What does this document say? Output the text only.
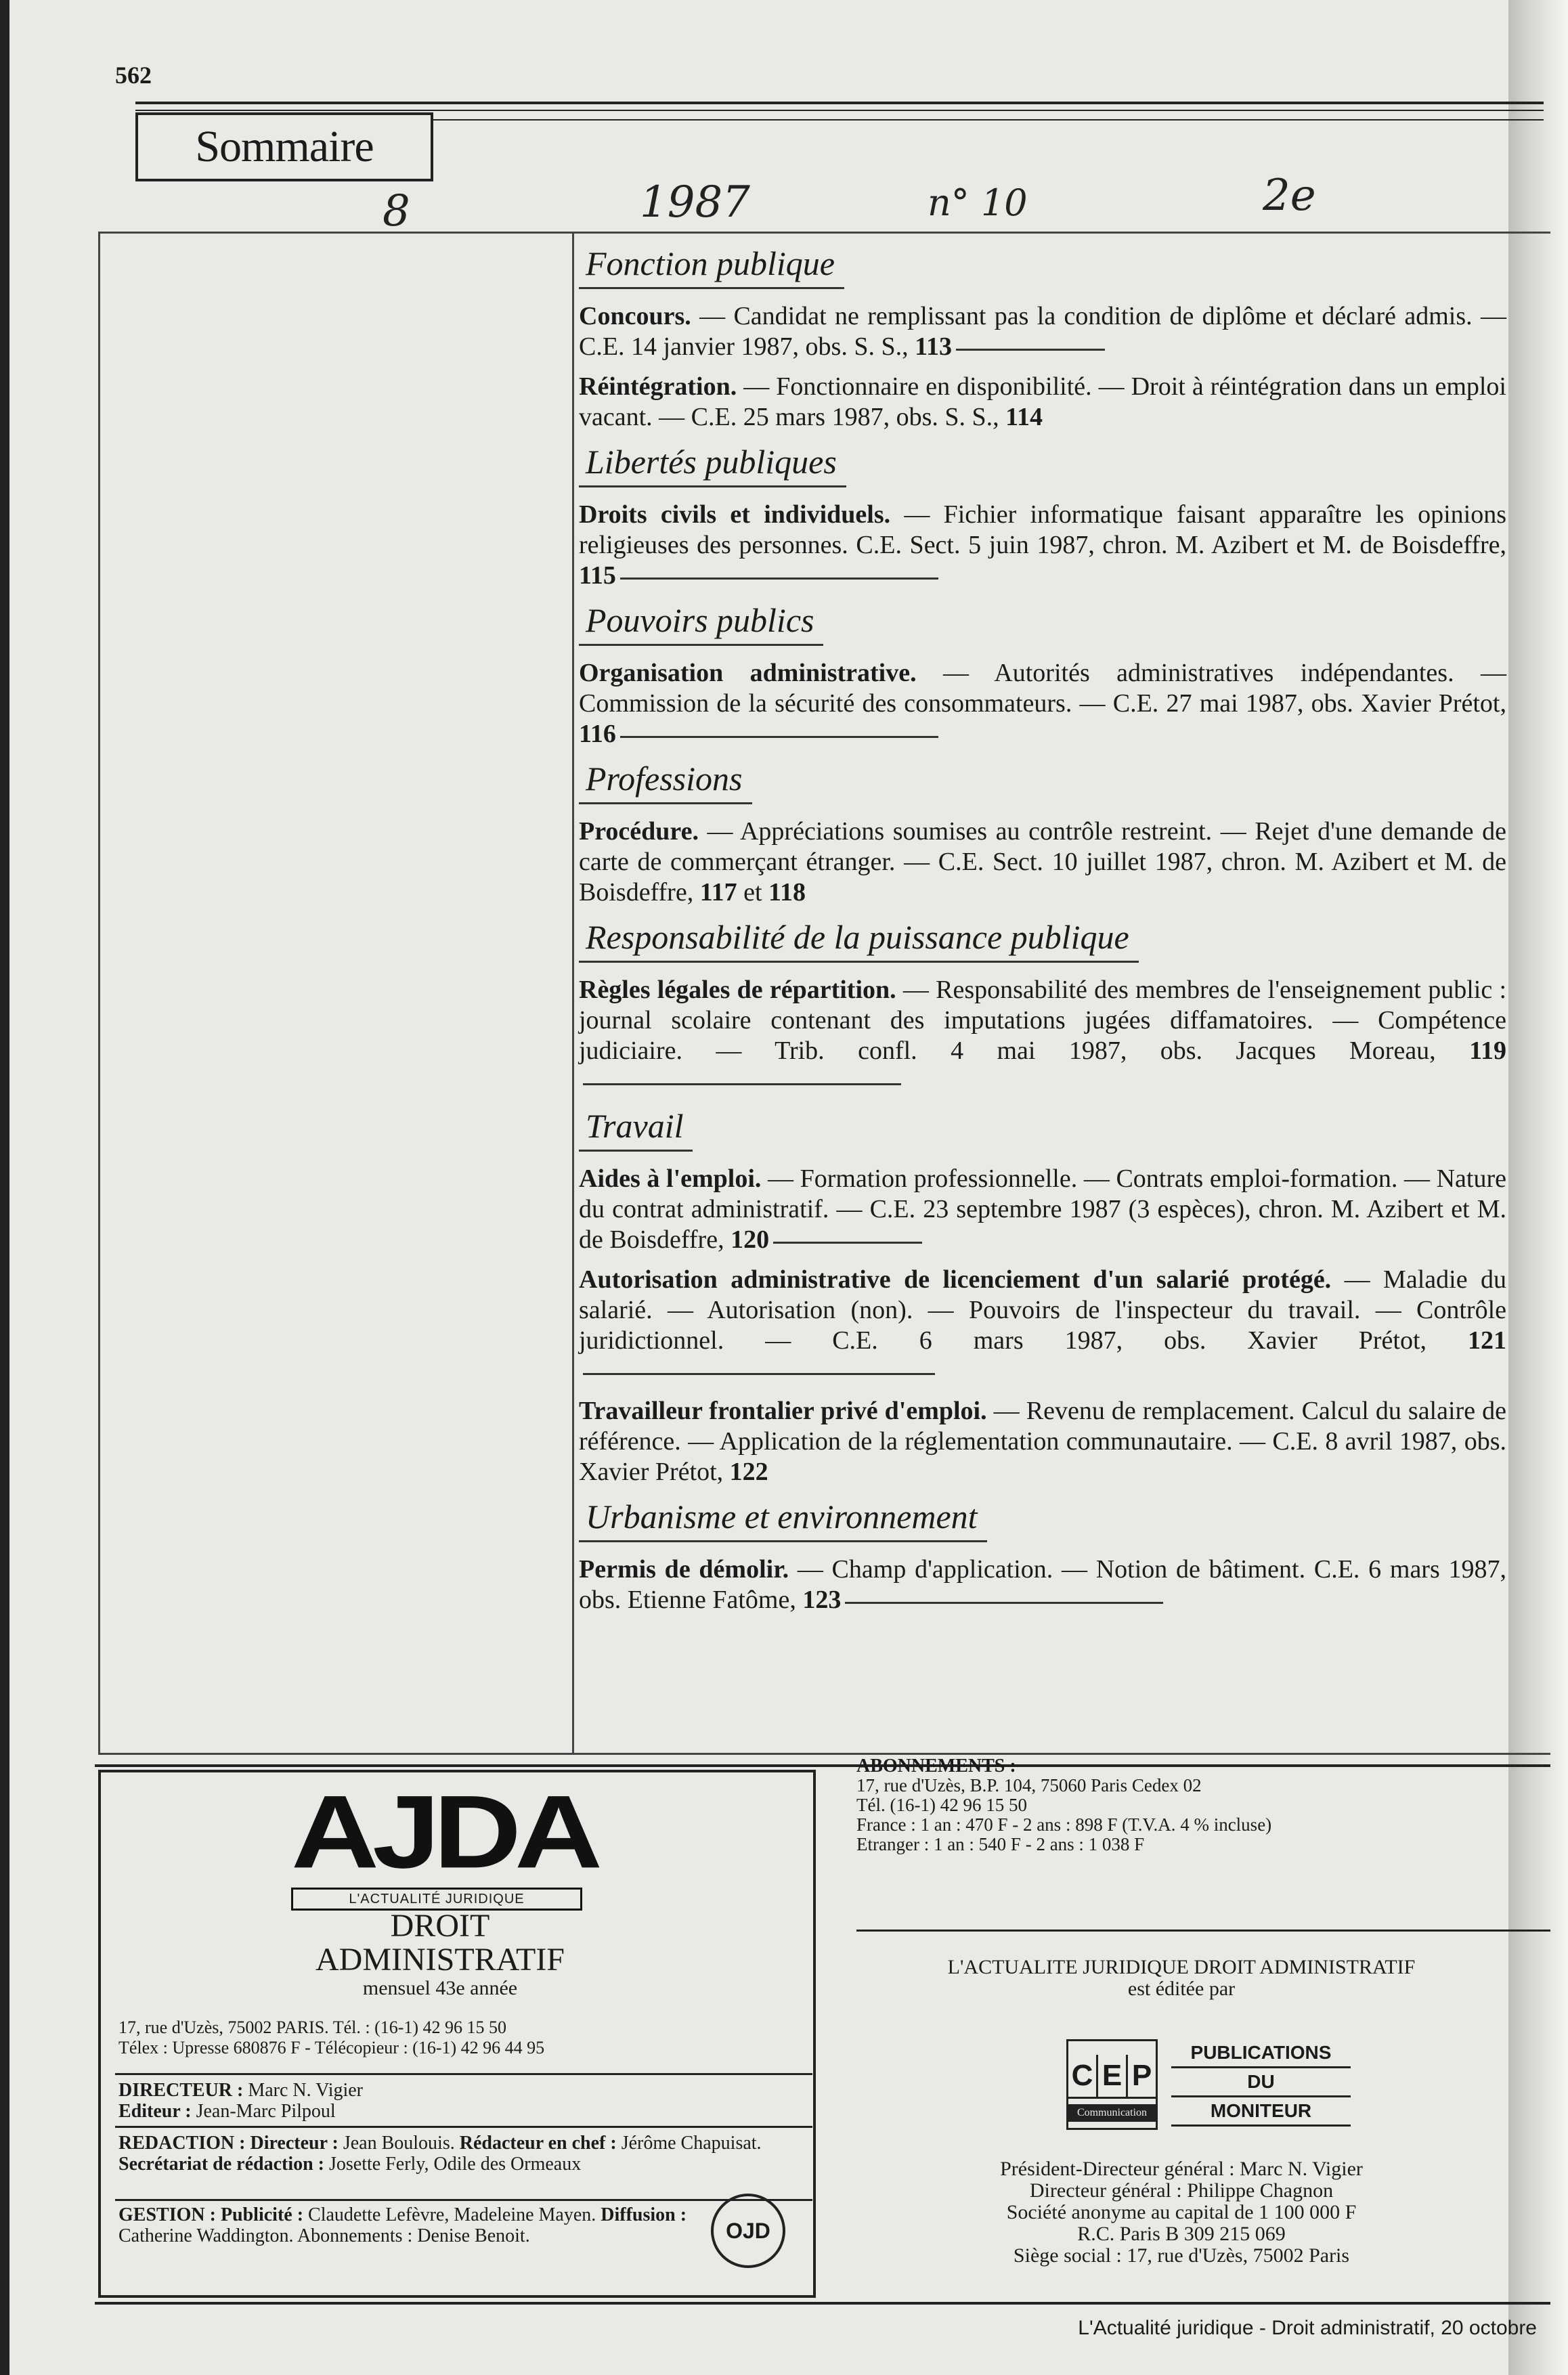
562
Sommaire
8	1987	n° 10	2e
Fonction publique

Concours. — Candidat ne remplissant pas la condition de diplôme et déclaré admis. — C.E. 14 janvier 1987, obs. S. S., 113

Réintégration. — Fonctionnaire en disponibilité. — Droit à réintégration dans un emploi vacant. — C.E. 25 mars 1987, obs. S. S., 114

Libertés publiques

Droits civils et individuels. — Fichier informatique faisant apparaître les opinions religieuses des personnes. C.E. Sect. 5 juin 1987, chron. M. Azibert et M. de Boisdeffre, 115

Pouvoirs publics

Organisation administrative. — Autorités administratives indépendantes. — Commission de la sécurité des consommateurs. — C.E. 27 mai 1987, obs. Xavier Prétot, 116

Professions

Procédure. — Appréciations soumises au contrôle restreint. — Rejet d'une demande de carte de commerçant étranger. — C.E. Sect. 10 juillet 1987, chron. M. Azibert et M. de Boisdeffre, 117 et 118

Responsabilité de la puissance publique

Règles légales de répartition. — Responsabilité des membres de l'enseignement public : journal scolaire contenant des imputations jugées diffamatoires. — Compétence judiciaire. — Trib. confl. 4 mai 1987, obs. Jacques Moreau, 119

Travail

Aides à l'emploi. — Formation professionnelle. — Contrats emploi-formation. — Nature du contrat administratif. — C.E. 23 septembre 1987 (3 espèces), chron. M. Azibert et M. de Boisdeffre, 120

Autorisation administrative de licenciement d'un salarié protégé. — Maladie du salarié. — Autorisation (non). — Pouvoirs de l'inspecteur du travail. — Contrôle juridictionnel. — C.E. 6 mars 1987, obs. Xavier Prétot, 121

Travailleur frontalier privé d'emploi. — Revenu de remplacement. Calcul du salaire de référence. — Application de la réglementation communautaire. — C.E. 8 avril 1987, obs. Xavier Prétot, 122

Urbanisme et environnement

Permis de démolir. — Champ d'application. — Notion de bâtiment. C.E. 6 mars 1987, obs. Etienne Fatôme, 123

AJDA
L'ACTUALITÉ JURIDIQUE
DROIT
ADMINISTRATIF
mensuel 43e année
17, rue d'Uzès, 75002 PARIS. Tél. : (16-1) 42 96 15 50
Télex : Upresse 680876 F - Télécopieur : (16-1) 42 96 44 95
DIRECTEUR : Marc N. Vigier
Editeur : Jean-Marc Pilpoul
REDACTION : Directeur : Jean Boulouis. Rédacteur en chef : Jérôme Chapuisat. Secrétariat de rédaction : Josette Ferly, Odile des Ormeaux
GESTION : Publicité : Claudette Lefèvre, Madeleine Mayen. Diffusion : Catherine Waddington. Abonnements : Denise Benoit.	OJD
ABONNEMENTS :
17, rue d'Uzès, B.P. 104, 75060 Paris Cedex 02
Tél. (16-1) 42 96 15 50
France : 1 an : 470 F - 2 ans : 898 F (T.V.A. 4 % incluse)
Etranger : 1 an : 540 F - 2 ans : 1 038 F
L'ACTUALITE JURIDIQUE DROIT ADMINISTRATIF
est éditée par
C E P
Communication
PUBLICATIONS
DU
MONITEUR
Président-Directeur général : Marc N. Vigier
Directeur général : Philippe Chagnon
Société anonyme au capital de 1 100 000 F
R.C. Paris B 309 215 069
Siège social : 17, rue d'Uzès, 75002 Paris
L'Actualité juridique - Droit administratif, 20 octobre
